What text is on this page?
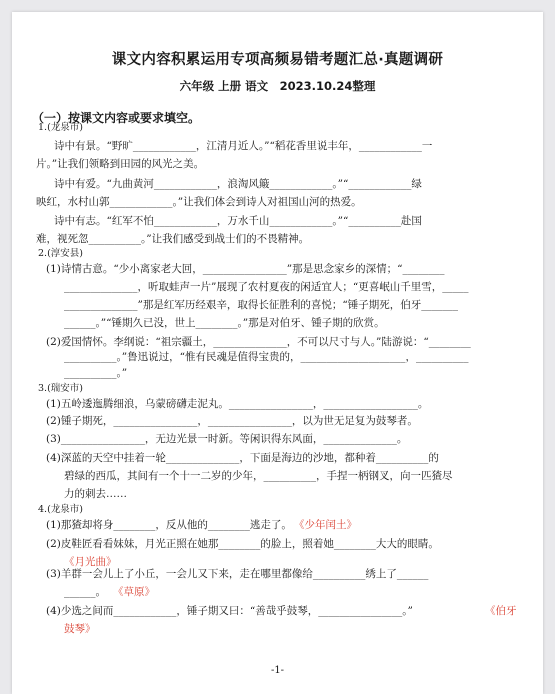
课文内容积累运用专项高频易错考题汇总·真题调研
六年级 上册 语文　2023.10.24整理
（一）按课文内容或要求填空。
1.(龙泉市)
诗中有景。“野旷____________，江清月近人。”“稻花香里说丰年，____________一
片。”让我们领略到田园的风光之美。
诗中有爱。“九曲黄河____________，浪淘风簸____________。”“____________绿
映红，水村山郭____________。”让我们体会到诗人对祖国山河的热爱。
诗中有志。“红军不怕____________，万水千山____________。”“__________赴国
难，视死忽__________。”让我们感受到战士们的不畏精神。
2.(淳安县)
(1)诗情古意。“少小离家老大回，________________”那是思念家乡的深情；“________
______________，听取蛙声一片”展现了农村夏夜的闲适宜人；“更喜岷山千里雪，_____
______________”那是红军历经艰辛，取得长征胜利的喜悦；“锤子期死，伯牙_______
______。”“锤期久已没，世上________。”那是对伯牙、锺子期的欣赏。
(2)爱国情怀。李纲说：“祖宗疆土，______________，不可以尺寸与人。”陆游说：“________
__________。”鲁迅说过，“惟有民魂是值得宝贵的，____________________，__________
__________。”
3.(瑞安市)
(1)五岭逶迤腾细浪，乌蒙磅礴走泥丸。________________，__________________。
(2)锺子期死，________________，________________，以为世无足复为鼓琴者。
(3)________________，无边光景一时新。等闲识得东风面，______________。
(4)深蓝的天空中挂着一轮______________，下面是海边的沙地，都种着__________的
碧绿的西瓜，其间有一个十一二岁的少年，__________，手捏一柄钢叉，向一匹猹尽
力的刺去……
4.(龙泉市)
(1)那猹却将身________，反从他的________逃走了。
(2)皮鞋匠看看妹妹，月光正照在她那________的脸上，照着她________大大的眼睛。
(3)羊群一会儿上了小丘，一会儿又下来，走在哪里都像给__________绣上了______
______。
(4)少选之间而____________，锤子期又曰：“善哉乎鼓琴，________________。”
《少年闰土》
《月光曲》
《草原》
《伯牙
鼓琴》
-1-
